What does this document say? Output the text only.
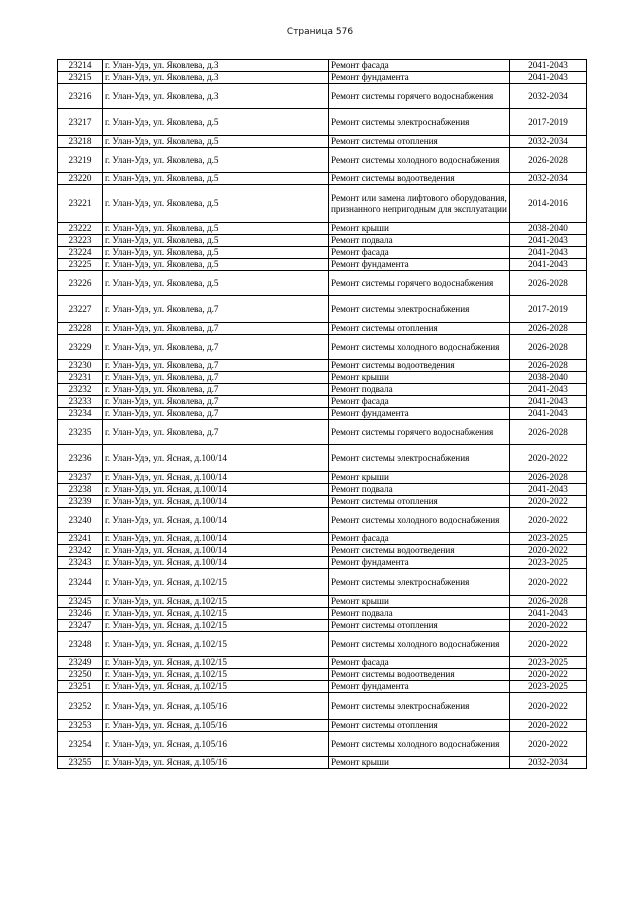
Страница 576
23214	г. Улан-Удэ, ул. Яковлева, д.3	Ремонт фасада	2041-2043
23215	г. Улан-Удэ, ул. Яковлева, д.3	Ремонт фундамента	2041-2043
23216	г. Улан-Удэ, ул. Яковлева, д.3	Ремонт системы горячего водоснабжения	2032-2034
23217	г. Улан-Удэ, ул. Яковлева, д.5	Ремонт системы электроснабжения	2017-2019
23218	г. Улан-Удэ, ул. Яковлева, д.5	Ремонт системы отопления	2032-2034
23219	г. Улан-Удэ, ул. Яковлева, д.5	Ремонт системы холодного водоснабжения	2026-2028
23220	г. Улан-Удэ, ул. Яковлева, д.5	Ремонт системы водоотведения	2032-2034
23221	г. Улан-Удэ, ул. Яковлева, д.5	Ремонт или замена лифтового оборудования, признанного непригодным для эксплуатации	2014-2016
23222	г. Улан-Удэ, ул. Яковлева, д.5	Ремонт крыши	2038-2040
23223	г. Улан-Удэ, ул. Яковлева, д.5	Ремонт подвала	2041-2043
23224	г. Улан-Удэ, ул. Яковлева, д.5	Ремонт фасада	2041-2043
23225	г. Улан-Удэ, ул. Яковлева, д.5	Ремонт фундамента	2041-2043
23226	г. Улан-Удэ, ул. Яковлева, д.5	Ремонт системы горячего водоснабжения	2026-2028
23227	г. Улан-Удэ, ул. Яковлева, д.7	Ремонт системы электроснабжения	2017-2019
23228	г. Улан-Удэ, ул. Яковлева, д.7	Ремонт системы отопления	2026-2028
23229	г. Улан-Удэ, ул. Яковлева, д.7	Ремонт системы холодного водоснабжения	2026-2028
23230	г. Улан-Удэ, ул. Яковлева, д.7	Ремонт системы водоотведения	2026-2028
23231	г. Улан-Удэ, ул. Яковлева, д.7	Ремонт крыши	2038-2040
23232	г. Улан-Удэ, ул. Яковлева, д.7	Ремонт подвала	2041-2043
23233	г. Улан-Удэ, ул. Яковлева, д.7	Ремонт фасада	2041-2043
23234	г. Улан-Удэ, ул. Яковлева, д.7	Ремонт фундамента	2041-2043
23235	г. Улан-Удэ, ул. Яковлева, д.7	Ремонт системы горячего водоснабжения	2026-2028
23236	г. Улан-Удэ, ул. Ясная, д.100/14	Ремонт системы электроснабжения	2020-2022
23237	г. Улан-Удэ, ул. Ясная, д.100/14	Ремонт крыши	2026-2028
23238	г. Улан-Удэ, ул. Ясная, д.100/14	Ремонт подвала	2041-2043
23239	г. Улан-Удэ, ул. Ясная, д.100/14	Ремонт системы отопления	2020-2022
23240	г. Улан-Удэ, ул. Ясная, д.100/14	Ремонт системы холодного водоснабжения	2020-2022
23241	г. Улан-Удэ, ул. Ясная, д.100/14	Ремонт фасада	2023-2025
23242	г. Улан-Удэ, ул. Ясная, д.100/14	Ремонт системы водоотведения	2020-2022
23243	г. Улан-Удэ, ул. Ясная, д.100/14	Ремонт фундамента	2023-2025
23244	г. Улан-Удэ, ул. Ясная, д.102/15	Ремонт системы электроснабжения	2020-2022
23245	г. Улан-Удэ, ул. Ясная, д.102/15	Ремонт крыши	2026-2028
23246	г. Улан-Удэ, ул. Ясная, д.102/15	Ремонт подвала	2041-2043
23247	г. Улан-Удэ, ул. Ясная, д.102/15	Ремонт системы отопления	2020-2022
23248	г. Улан-Удэ, ул. Ясная, д.102/15	Ремонт системы холодного водоснабжения	2020-2022
23249	г. Улан-Удэ, ул. Ясная, д.102/15	Ремонт фасада	2023-2025
23250	г. Улан-Удэ, ул. Ясная, д.102/15	Ремонт системы водоотведения	2020-2022
23251	г. Улан-Удэ, ул. Ясная, д.102/15	Ремонт фундамента	2023-2025
23252	г. Улан-Удэ, ул. Ясная, д.105/16	Ремонт системы электроснабжения	2020-2022
23253	г. Улан-Удэ, ул. Ясная, д.105/16	Ремонт системы отопления	2020-2022
23254	г. Улан-Удэ, ул. Ясная, д.105/16	Ремонт системы холодного водоснабжения	2020-2022
23255	г. Улан-Удэ, ул. Ясная, д.105/16	Ремонт крыши	2032-2034
